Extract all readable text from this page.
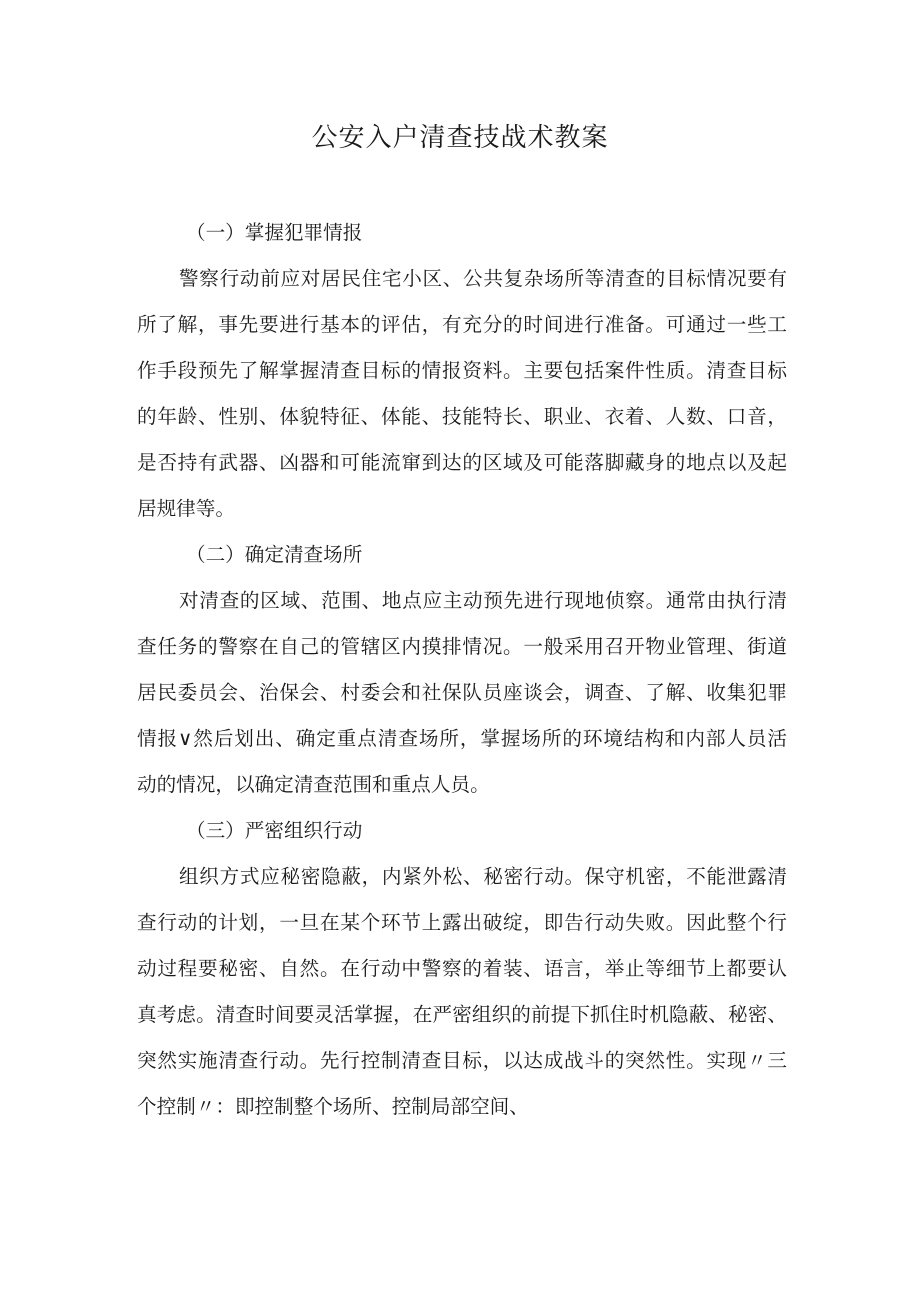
公安入户清查技战术教案
（一）掌握犯罪情报
警察行动前应对居民住宅小区、公共复杂场所等清查的目标情况要有
所了解，事先要进行基本的评估，有充分的时间进行准备。可通过一些工
作手段预先了解掌握清查目标的情报资料。主要包括案件性质。清查目标
的年龄、性别、体貌特征、体能、技能特长、职业、衣着、人数、口音，
是否持有武器、凶器和可能流窜到达的区域及可能落脚藏身的地点以及起
居规律等。
（二）确定清查场所
对清查的区域、范围、地点应主动预先进行现地侦察。通常由执行清
查任务的警察在自己的管辖区内摸排情况。一般采用召开物业管理、街道
居民委员会、治保会、村委会和社保队员座谈会，调查、了解、收集犯罪
情报∨然后划出、确定重点清查场所，掌握场所的环境结构和内部人员活
动的情况，以确定清查范围和重点人员。
（三）严密组织行动
组织方式应秘密隐蔽，内紧外松、秘密行动。保守机密，不能泄露清
查行动的计划，一旦在某个环节上露出破绽，即告行动失败。因此整个行
动过程要秘密、自然。在行动中警察的着装、语言，举止等细节上都要认
真考虑。清查时间要灵活掌握，在严密组织的前提下抓住时机隐蔽、秘密、
突然实施清查行动。先行控制清查目标，以达成战斗的突然性。实现〃三
个控制〃：即控制整个场所、控制局部空间、
